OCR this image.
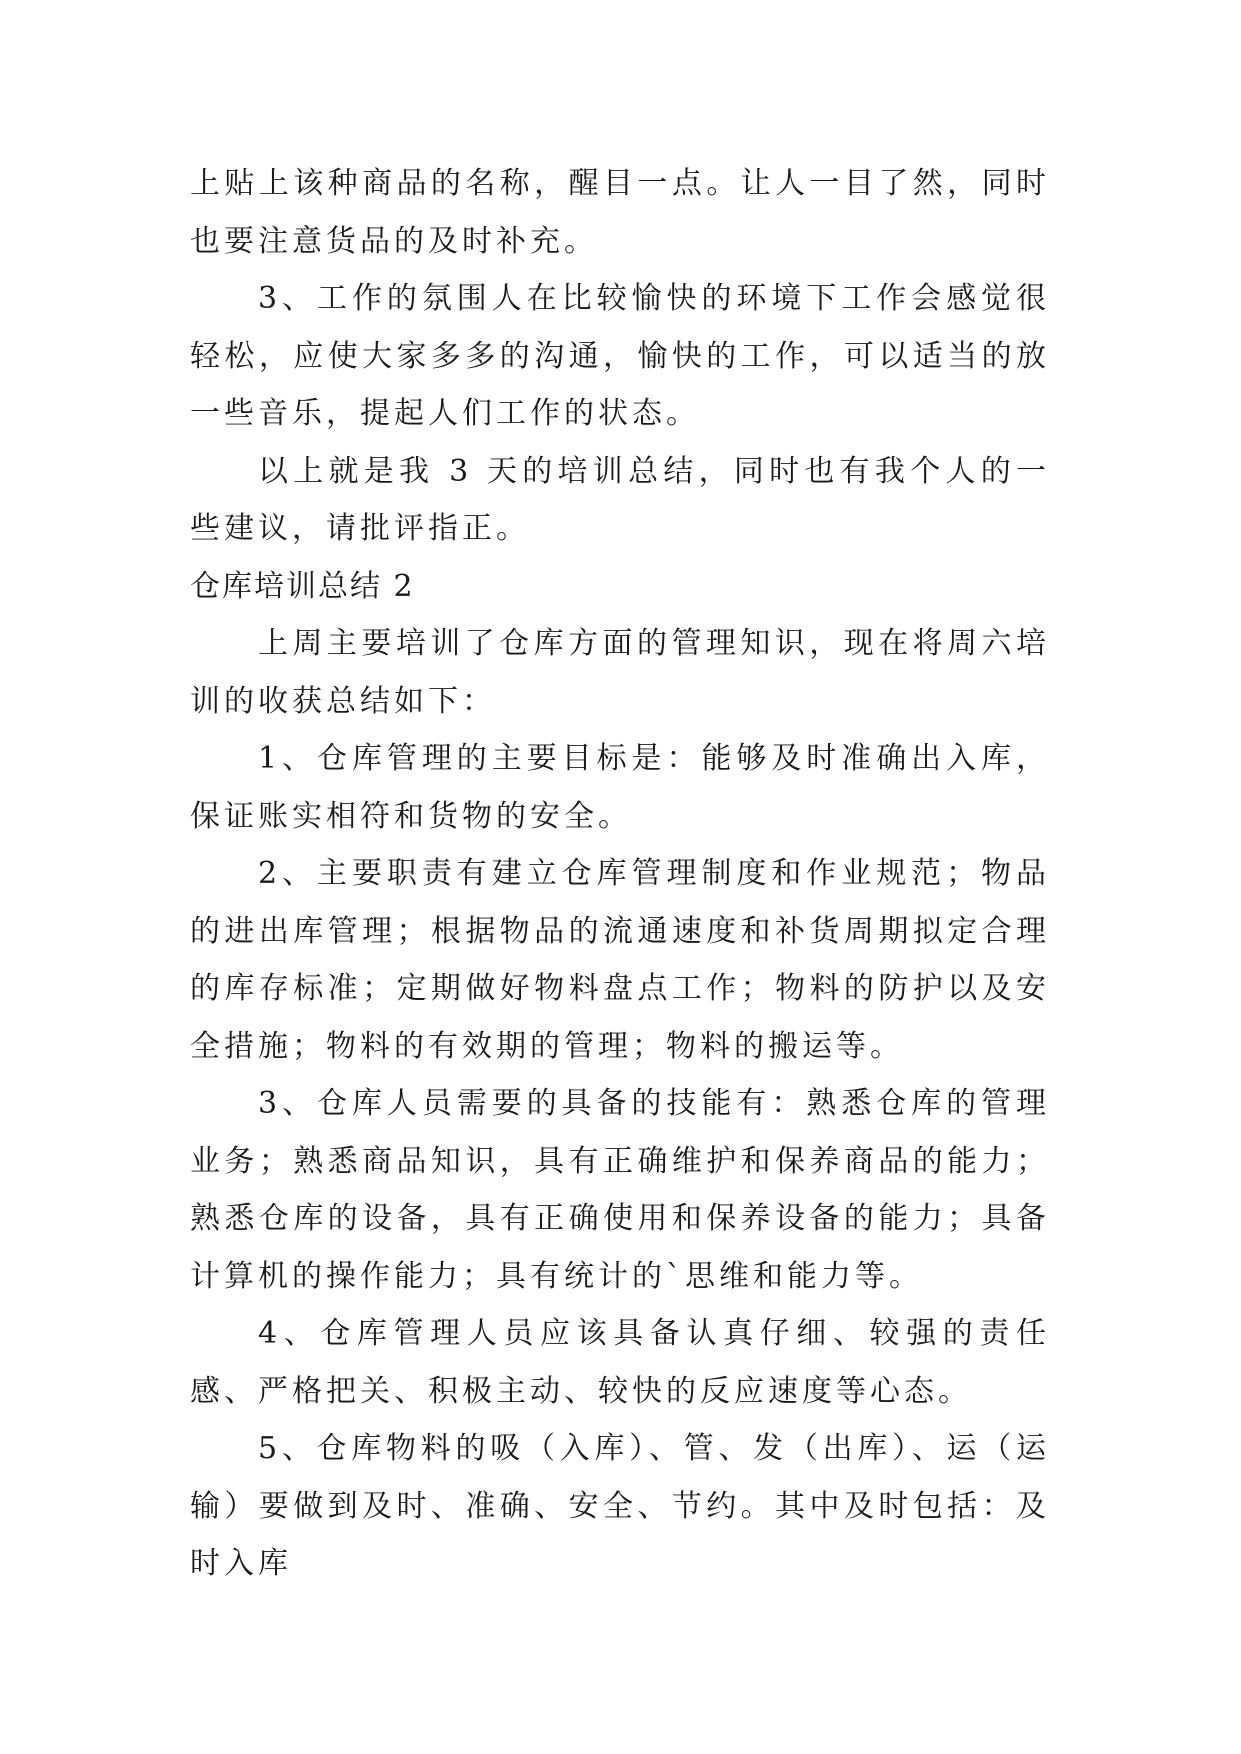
上贴上该种商品的名称，醒目一点。让人一目了然，同时也要注意货品的及时补充。

3、工作的氛围人在比较愉快的环境下工作会感觉很轻松，应使大家多多的沟通，愉快的工作，可以适当的放一些音乐，提起人们工作的状态。

以上就是我 3 天的培训总结，同时也有我个人的一些建议，请批评指正。

仓库培训总结 2

上周主要培训了仓库方面的管理知识，现在将周六培训的收获总结如下：

1、仓库管理的主要目标是：能够及时准确出入库，保证账实相符和货物的安全。

2、主要职责有建立仓库管理制度和作业规范；物品的进出库管理；根据物品的流通速度和补货周期拟定合理的库存标准；定期做好物料盘点工作；物料的防护以及安全措施；物料的有效期的管理；物料的搬运等。

3、仓库人员需要的具备的技能有：熟悉仓库的管理业务；熟悉商品知识，具有正确维护和保养商品的能力；熟悉仓库的设备，具有正确使用和保养设备的能力；具备计算机的操作能力；具有统计的`思维和能力等。

4、仓库管理人员应该具备认真仔细、较强的责任感、严格把关、积极主动、较快的反应速度等心态。

5、仓库物料的吸（入库）、管、发（出库）、运（运输）要做到及时、准确、安全、节约。其中及时包括：及时入库
